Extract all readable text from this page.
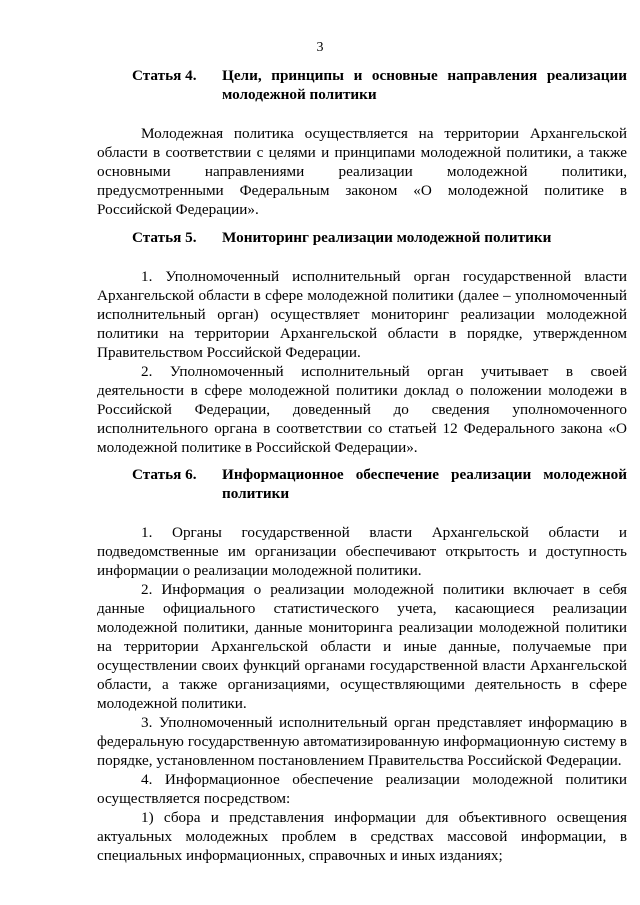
3
Статья 4. Цели, принципы и основные направления реализации молодежной политики

Молодежная политика осуществляется на территории Архангельской области в соответствии с целями и принципами молодежной политики, а также основными направлениями реализации молодежной политики, предусмотренными Федеральным законом «О молодежной политике в Российской Федерации».

Статья 5. Мониторинг реализации молодежной политики

1. Уполномоченный исполнительный орган государственной власти Архангельской области в сфере молодежной политики (далее – уполномоченный исполнительный орган) осуществляет мониторинг реализации молодежной политики на территории Архангельской области в порядке, утвержденном Правительством Российской Федерации.

2. Уполномоченный исполнительный орган учитывает в своей деятельности в сфере молодежной политики доклад о положении молодежи в Российской Федерации, доведенный до сведения уполномоченного исполнительного органа в соответствии со статьей 12 Федерального закона «О молодежной политике в Российской Федерации».

Статья 6. Информационное обеспечение реализации молодежной политики

1. Органы государственной власти Архангельской области и подведомственные им организации обеспечивают открытость и доступность информации о реализации молодежной политики.

2. Информация о реализации молодежной политики включает в себя данные официального статистического учета, касающиеся реализации молодежной политики, данные мониторинга реализации молодежной политики на территории Архангельской области и иные данные, получаемые при осуществлении своих функций органами государственной власти Архангельской области, а также организациями, осуществляющими деятельность в сфере молодежной политики.

3. Уполномоченный исполнительный орган представляет информацию в федеральную государственную автоматизированную информационную систему в порядке, установленном постановлением Правительства Российской Федерации.

4. Информационное обеспечение реализации молодежной политики осуществляется посредством:

1) сбора и представления информации для объективного освещения актуальных молодежных проблем в средствах массовой информации, в специальных информационных, справочных и иных изданиях;
